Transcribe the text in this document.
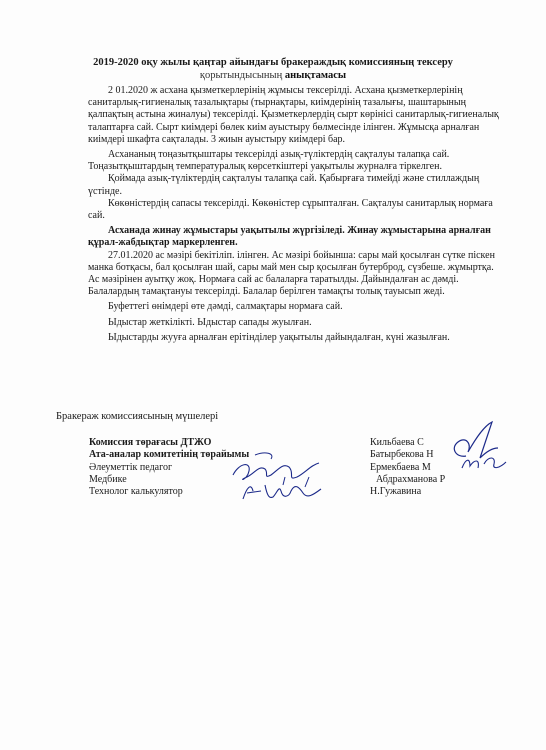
2019-2020 оқу жылы қаңтар айындағы бракераждық комиссияның тексеру
қорытындысының анықтамасы

2 01.2020 ж асхана қызметкерлерінің жұмысы тексерілді. Асхана қызметкерлерінің санитарлық-гигиеналық тазалықтары (тырнақтары, киімдерінің тазалығы, шаштарының қалпақтың астына жиналуы) тексерілді. Қызметкерлердің сырт көрінісі санитарлық-гигиеналық талаптарға сай. Сырт киімдері бөлек киім ауыстыру бөлмесінде ілінген. Жұмысқа арналған киімдері шкафта сақталады. 3 жиын ауыстыру киімдері бар.

Асхананың тоңазытқыштары тексерілді азық-түліктердің сақталуы талапқа сай. Тоңазытқыштардың температуралық көрсеткіштері уақытылы журналға тіркелген.

Қоймада азық-түліктердің сақталуы талапқа сай. Қабырғаға тимейді және стиллаждың үстінде.

Көкөністердің сапасы тексерілді. Көкөністер сұрыпталған. Сақталуы санитарлық нормаға сай.

Асханада жинау жұмыстары уақытылы жүргізіледі. Жинау жұмыстарына арналған құрал-жабдықтар маркерленген.

27.01.2020 ас мәзірі бекітіліп. ілінген. Ас мәзірі бойынша: сары май қосылған сүтке піскен манка ботқасы, бал қосылған шай, сары май мен сыр қосылған бутерброд, сүзбеше. жұмыртқа. Ас мәзірінен ауытқу жоқ. Нормаға сай ас балаларға таратылды. Дайындалған ас дәмді. Балалардың тамақтануы тексерілді. Балалар берілген тамақты толық тауысып жеді.

Буфеттегі өнімдері өте дәмді, салмақтары нормаға сай.

Ыдыстар жеткілікті. Ыдыстар сапады жуылған.

Ыдыстарды жууға арналған ерітінділер уақытылы дайындалған, күні жазылған.

Бракераж комиссиясының мүшелері
Комиссия төрағасы ДТЖО
Ата-аналар комитетінің төрайымы
Әлеуметтік педагог
Медбике
Технолог калькулятор
Кильбаева С
Батырбекова Н
Ермекбаева М
Абдрахманова Р
Н.Гужавина
